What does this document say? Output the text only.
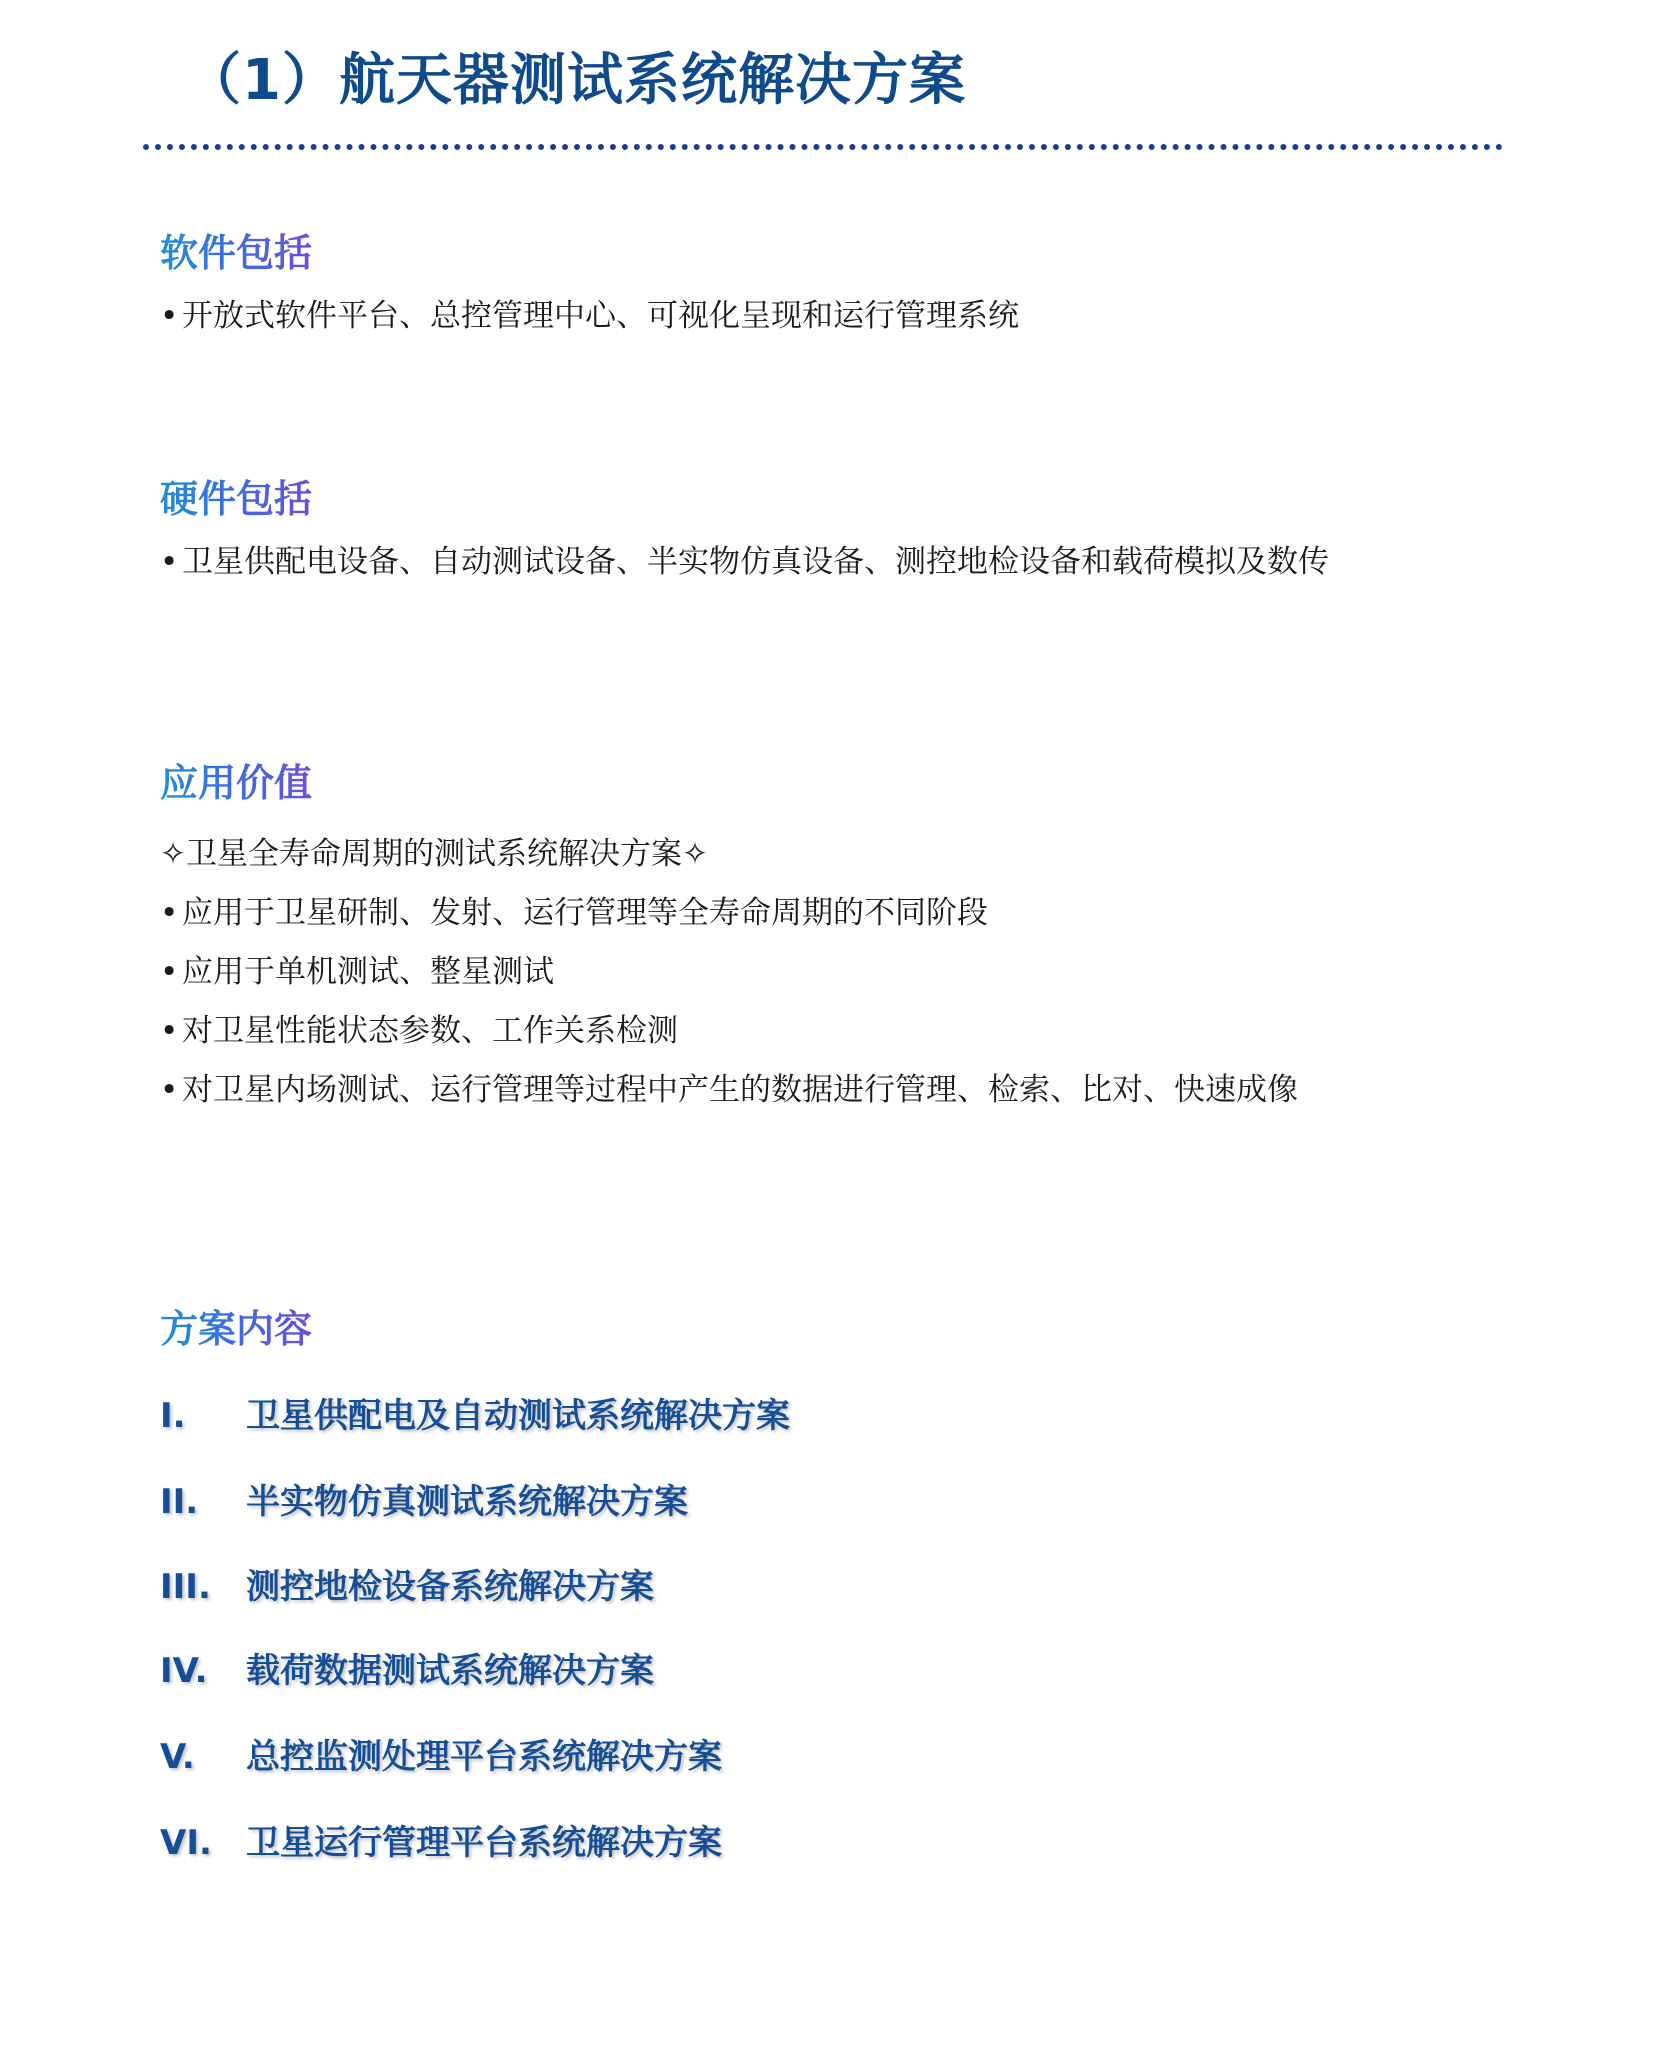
（1）航天器测试系统解决方案
软件包括
• 开放式软件平台、总控管理中心、可视化呈现和运行管理系统
硬件包括
• 卫星供配电设备、自动测试设备、半实物仿真设备、测控地检设备和载荷模拟及数传
应用价值
✧卫星全寿命周期的测试系统解决方案✧
• 应用于卫星研制、发射、运行管理等全寿命周期的不同阶段
• 应用于单机测试、整星测试
• 对卫星性能状态参数、工作关系检测
• 对卫星内场测试、运行管理等过程中产生的数据进行管理、检索、比对、快速成像
方案内容
I. 卫星供配电及自动测试系统解决方案
II. 半实物仿真测试系统解决方案
III. 测控地检设备系统解决方案
IV. 载荷数据测试系统解决方案
V. 总控监测处理平台系统解决方案
VI. 卫星运行管理平台系统解决方案
